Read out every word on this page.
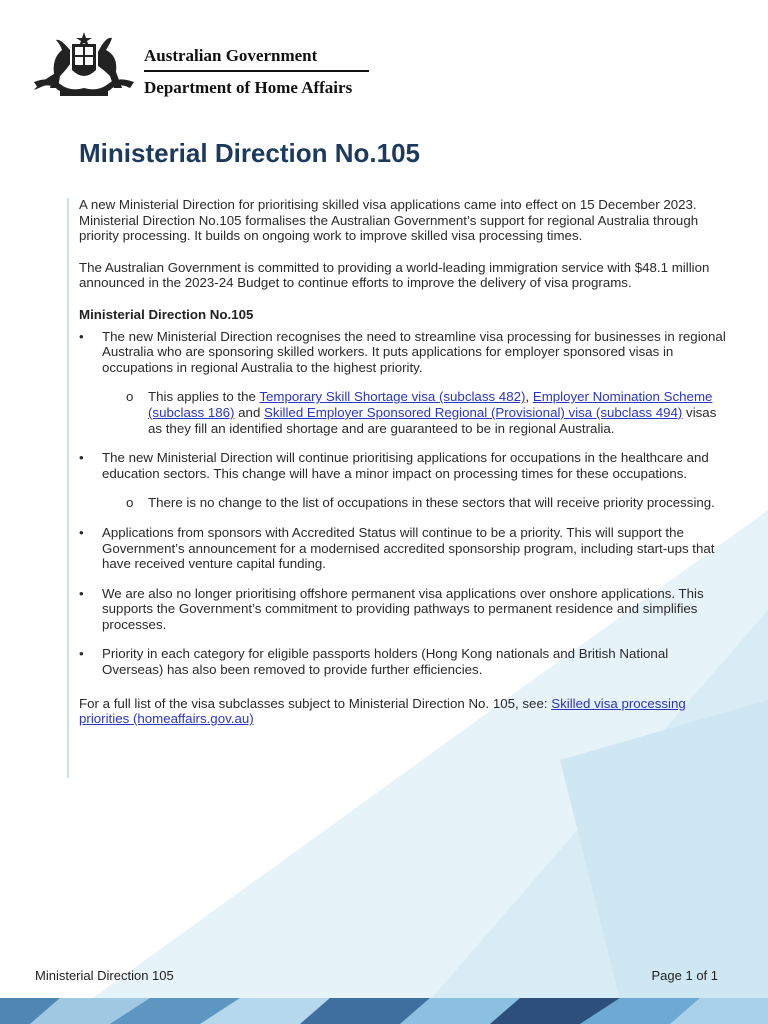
Australian Government
Department of Home Affairs
Ministerial Direction No.105

A new Ministerial Direction for prioritising skilled visa applications came into effect on 15 December 2023. Ministerial Direction No.105 formalises the Australian Government’s support for regional Australia through priority processing. It builds on ongoing work to improve skilled visa processing times.

The Australian Government is committed to providing a world-leading immigration service with $48.1 million announced in the 2023-24 Budget to continue efforts to improve the delivery of visa programs.

Ministerial Direction No.105

• The new Ministerial Direction recognises the need to streamline visa processing for businesses in regional Australia who are sponsoring skilled workers. It puts applications for employer sponsored visas in occupations in regional Australia to the highest priority.
o This applies to the Temporary Skill Shortage visa (subclass 482), Employer Nomination Scheme (subclass 186) and Skilled Employer Sponsored Regional (Provisional) visa (subclass 494) visas as they fill an identified shortage and are guaranteed to be in regional Australia.
• The new Ministerial Direction will continue prioritising applications for occupations in the healthcare and education sectors. This change will have a minor impact on processing times for these occupations.
o There is no change to the list of occupations in these sectors that will receive priority processing.
• Applications from sponsors with Accredited Status will continue to be a priority. This will support the Government’s announcement for a modernised accredited sponsorship program, including start-ups that have received venture capital funding.
• We are also no longer prioritising offshore permanent visa applications over onshore applications. This supports the Government’s commitment to providing pathways to permanent residence and simplifies processes.
• Priority in each category for eligible passports holders (Hong Kong nationals and British National Overseas) has also been removed to provide further efficiencies.

For a full list of the visa subclasses subject to Ministerial Direction No. 105, see: Skilled visa processing priorities (homeaffairs.gov.au)

Ministerial Direction 105	Page 1 of 1
